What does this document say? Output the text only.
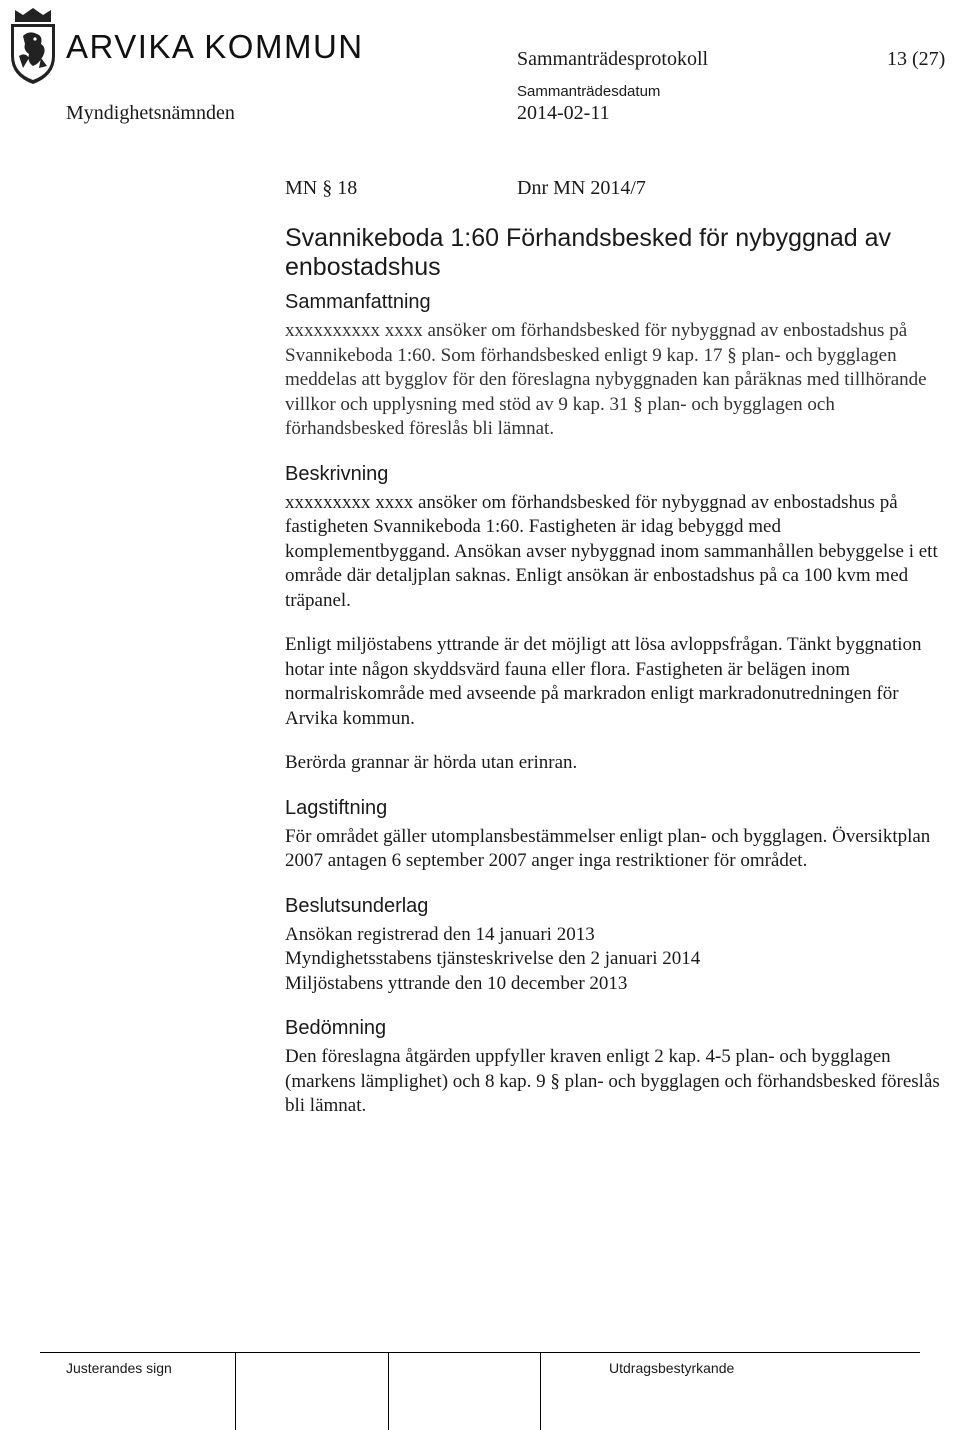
ARVIKA KOMMUN	Sammanträdesprotokoll	13 (27)
Sammanträdesdatum
Myndighetsnämnden	2014-02-11
MN § 18	Dnr MN 2014/7
Svannikeboda 1:60 Förhandsbesked för nybyggnad av enbostadshus
Sammanfattning

xxxxxxxxxx xxxx ansöker om förhandsbesked för nybyggnad av enbostadshus på Svannikeboda 1:60. Som förhandsbesked enligt 9 kap. 17 § plan- och bygglagen meddelas att bygglov för den föreslagna nybyggnaden kan påräknas med tillhörande villkor och upplysning med stöd av 9 kap. 31 § plan- och bygglagen och förhandsbesked föreslås bli lämnat.

Beskrivning

xxxxxxxxx xxxx ansöker om förhandsbesked för nybyggnad av enbostadshus på fastigheten Svannikeboda 1:60. Fastigheten är idag bebyggd med komplementbyggand. Ansökan avser nybyggnad inom sammanhållen bebyggelse i ett område där detaljplan saknas. Enligt ansökan är enbostadshus på ca 100 kvm med träpanel.

Enligt miljöstabens yttrande är det möjligt att lösa avloppsfrågan. Tänkt byggnation hotar inte någon skyddsvärd fauna eller flora. Fastigheten är belägen inom normalriskområde med avseende på markradon enligt markradonutredningen för Arvika kommun.

Berörda grannar är hörda utan erinran.

Lagstiftning

För området gäller utomplansbestämmelser enligt plan- och bygglagen. Översiktplan 2007 antagen 6 september 2007 anger inga restriktioner för området.

Beslutsunderlag

Ansökan registrerad den 14 januari 2013

Myndighetsstabens tjänsteskrivelse den 2 januari 2014

Miljöstabens yttrande den 10 december 2013

Bedömning

Den föreslagna åtgärden uppfyller kraven enligt 2 kap. 4-5 plan- och bygglagen (markens lämplighet) och 8 kap. 9 § plan- och bygglagen och förhandsbesked föreslås bli lämnat.

Justerandes sign	Utdragsbestyrkande
